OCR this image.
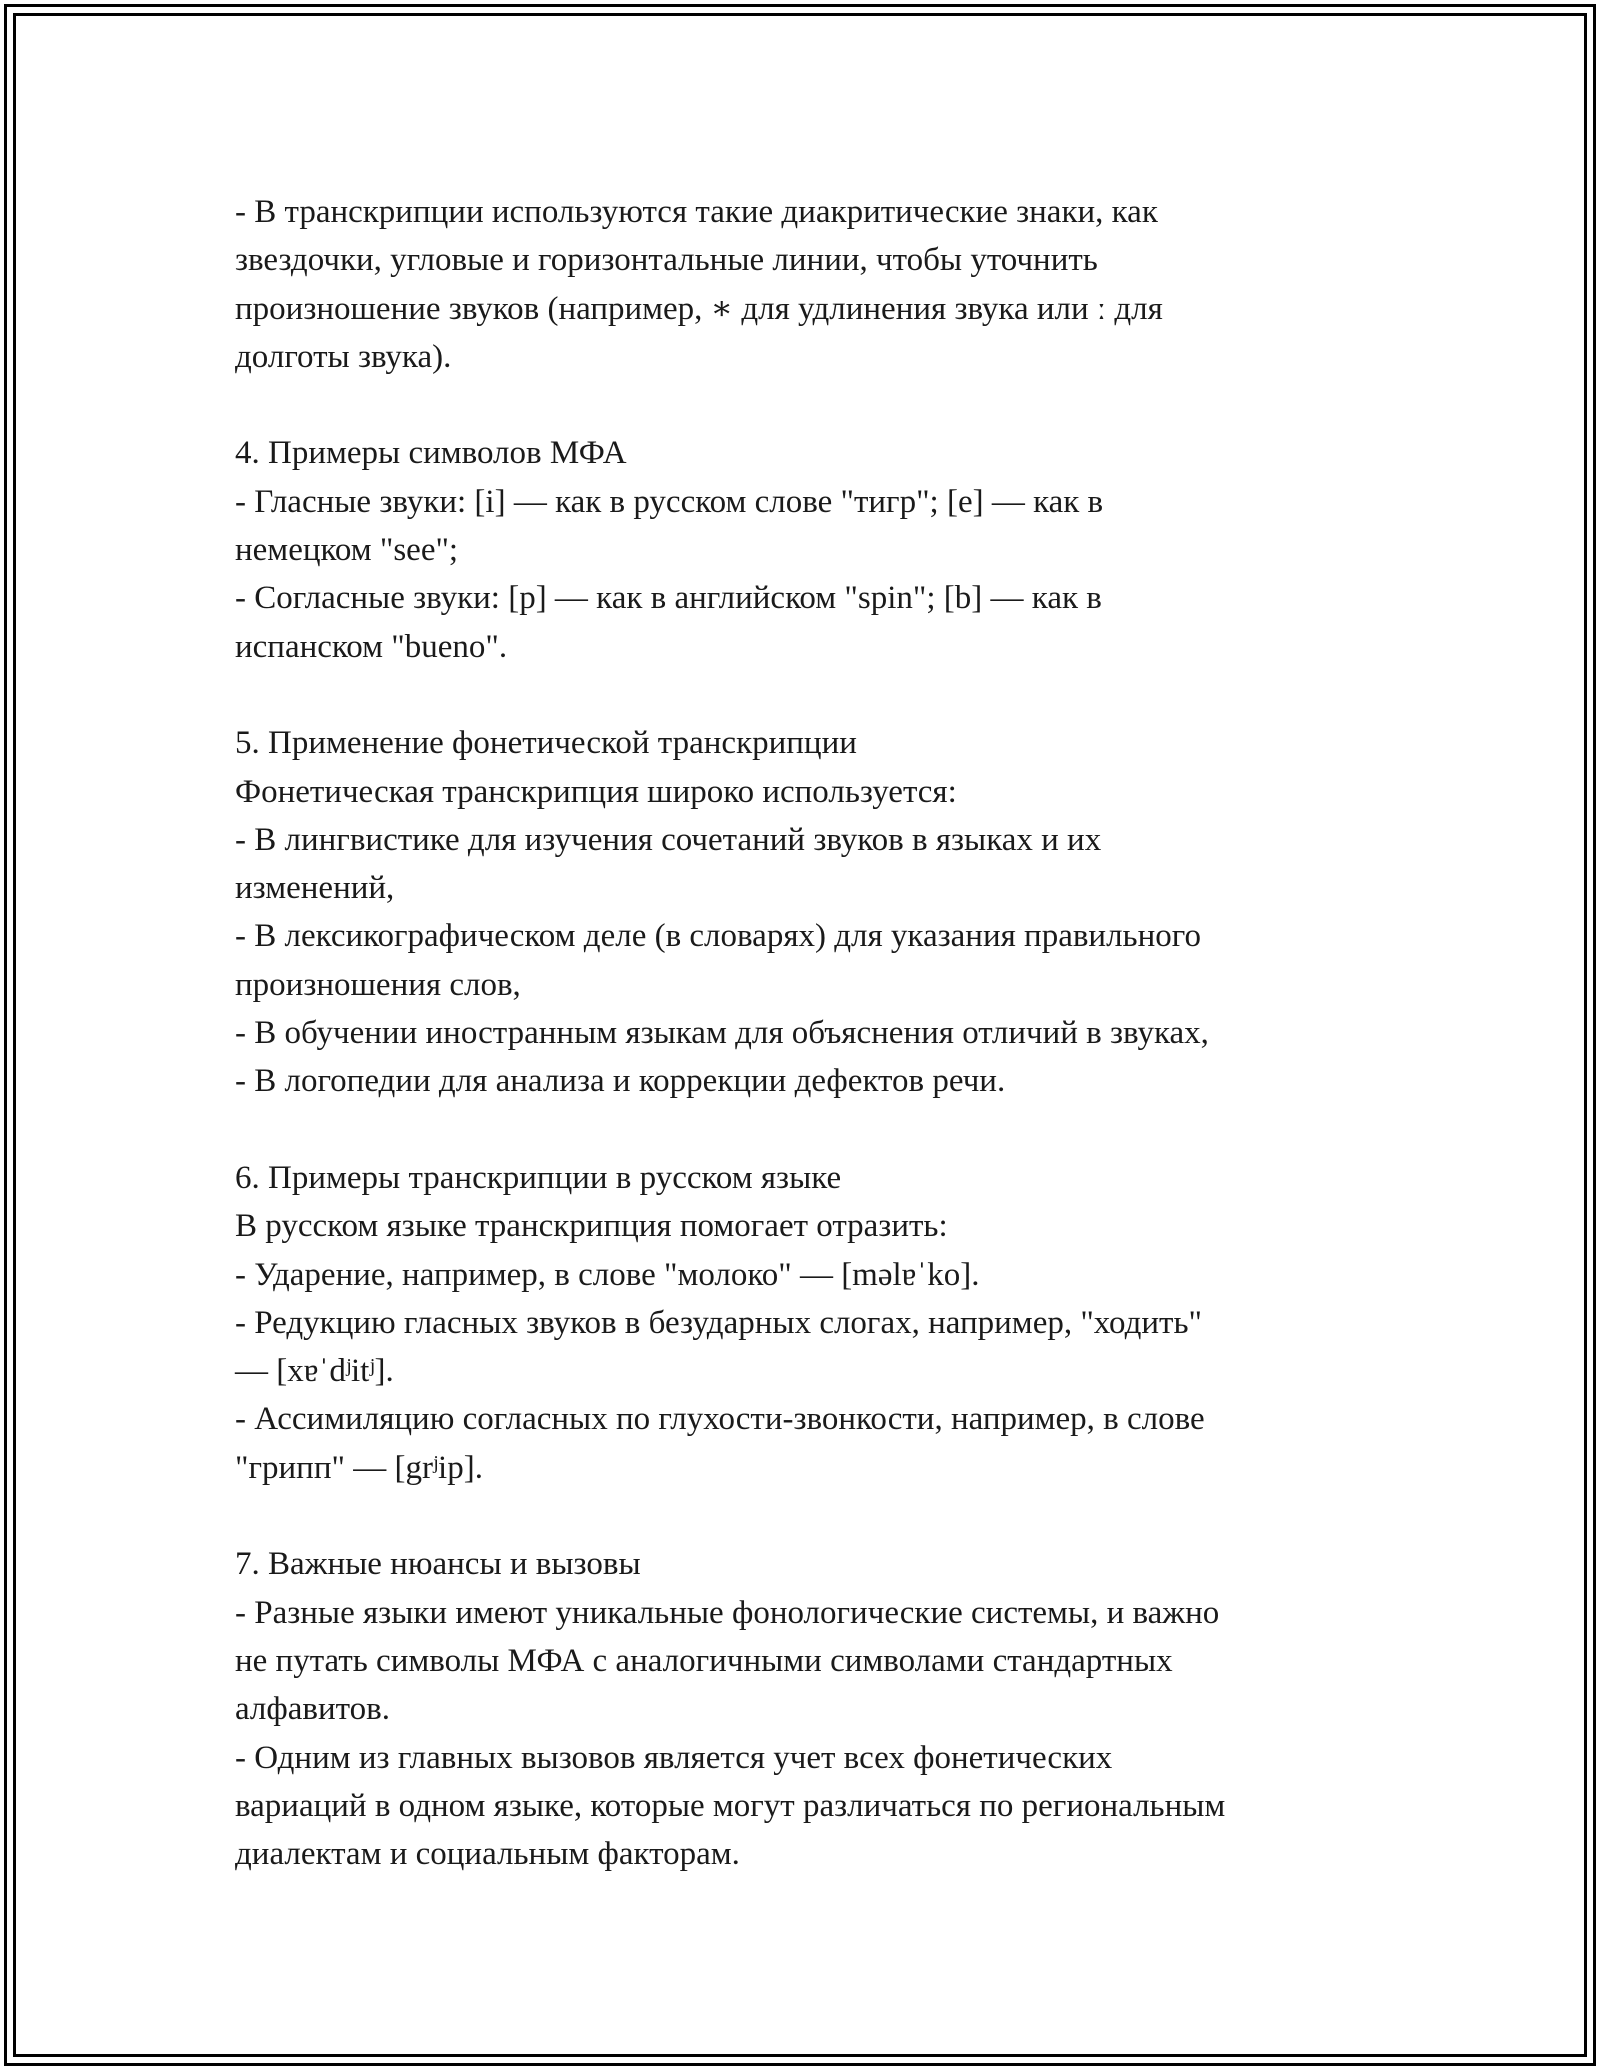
- В транскрипции используются такие диакритические знаки, как
звездочки, угловые и горизонтальные линии, чтобы уточнить
произношение звуков (например, ∗ для удлинения звука или ː для
долготы звука).
4. Примеры символов МФА
- Гласные звуки: [i] — как в русском слове "тигр"; [e] — как в
немецком "see";
- Согласные звуки: [p] — как в английском "spin"; [b] — как в
испанском "bueno".
5. Применение фонетической транскрипции
Фонетическая транскрипция широко используется:
- В лингвистике для изучения сочетаний звуков в языках и их
изменений,
- В лексикографическом деле (в словарях) для указания правильного
произношения слов,
- В обучении иностранным языкам для объяснения отличий в звуках,
- В логопедии для анализа и коррекции дефектов речи.
6. Примеры транскрипции в русском языке
В русском языке транскрипция помогает отразить:
- Ударение, например, в слове "молоко" — [məlɐˈko].
- Редукцию гласных звуков в безударных слогах, например, "ходить"
— [xɐˈdʲitʲ].
- Ассимиляцию согласных по глухости-звонкости, например, в слове
"грипп" — [grʲip].
7. Важные нюансы и вызовы
- Разные языки имеют уникальные фонологические системы, и важно
не путать символы МФА с аналогичными символами стандартных
алфавитов.
- Одним из главных вызовов является учет всех фонетических
вариаций в одном языке, которые могут различаться по региональным
диалектам и социальным факторам.
